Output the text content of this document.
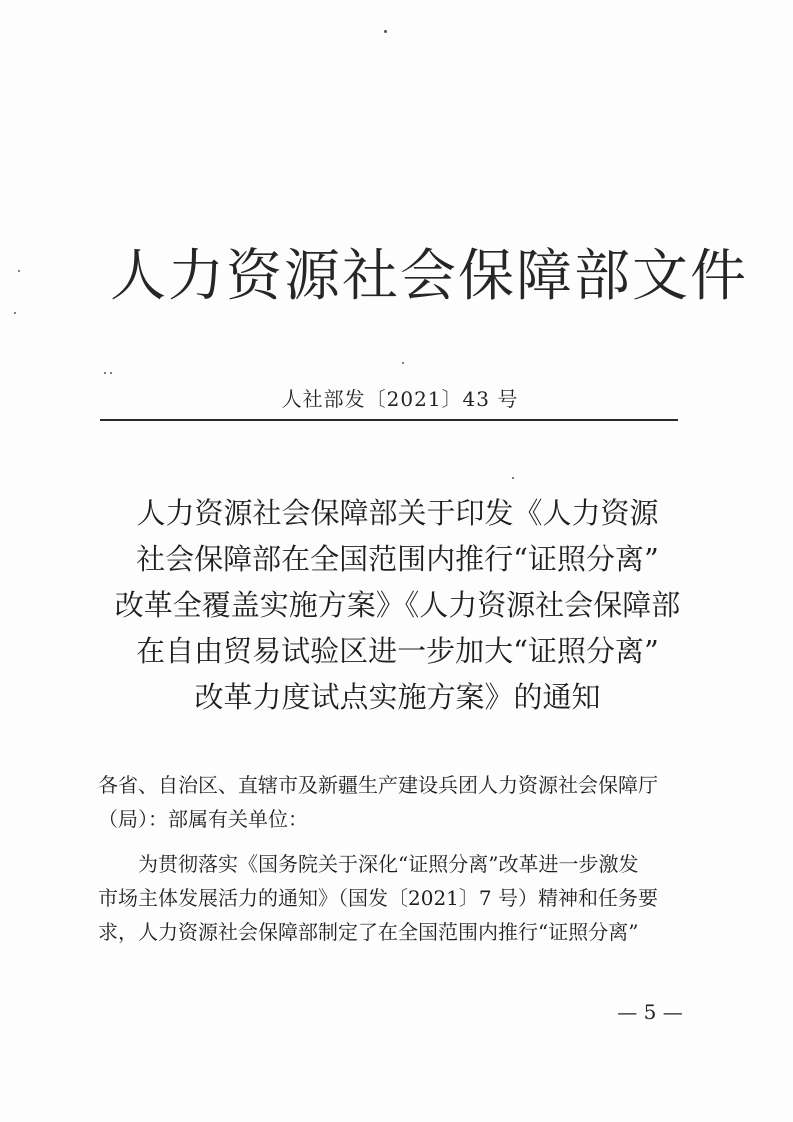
人力资源社会保障部文件
人社部发〔2021〕43 号
人力资源社会保障部关于印发《人力资源
社会保障部在全国范围内推行“证照分离”
改革全覆盖实施方案》《人力资源社会保障部
在自由贸易试验区进一步加大“证照分离”
改革力度试点实施方案》的通知
各省、自治区、直辖市及新疆生产建设兵团人力资源社会保障厅
（局）：部属有关单位：
　　为贯彻落实《国务院关于深化“证照分离”改革进一步激发
市场主体发展活力的通知》（国发〔2021〕7 号）精神和任务要
求，人力资源社会保障部制定了在全国范围内推行“证照分离”
— 5 —
